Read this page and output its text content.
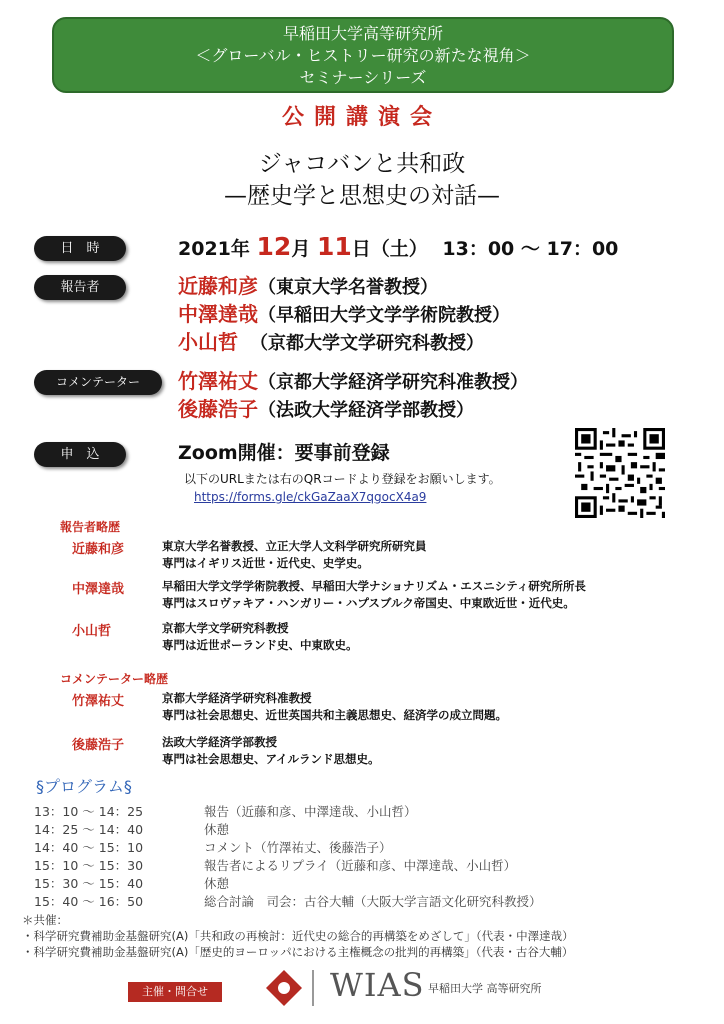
早稲田大学高等研究所
＜グローバル・ヒストリー研究の新たな視角＞
セミナーシリーズ
公開講演会
ジャコバンと共和政
—歴史学と思想史の対話—
日　時	2021年 12月 11日（土） 13：00 ～ 17：00
報告者	近藤和彦（東京大学名誉教授）
中澤達哉（早稲田大学文学学術院教授）
小山哲 （京都大学文学研究科教授）
コメンテーター	竹澤祐丈（京都大学経済学研究科准教授）
後藤浩子（法政大学経済学部教授）
申　込	Zoom開催：要事前登録
以下のURLまたは右のQRコードより登録をお願いします。
https://forms.gle/ckGaZaaX7qgocX4a9
報告者略歴
近藤和彦	東京大学名誉教授、立正大学人文科学研究所研究員
専門はイギリス近世・近代史、史学史。
中澤達哉	早稲田大学文学学術院教授、早稲田大学ナショナリズム・エスニシティ研究所所長
専門はスロヴァキア・ハンガリー・ハプスブルク帝国史、中東欧近世・近代史。
小山哲	京都大学文学研究科教授
専門は近世ポーランド史、中東欧史。
コメンテーター略歴
竹澤祐丈	京都大学経済学研究科准教授
専門は社会思想史、近世英国共和主義思想史、経済学の成立問題。
後藤浩子	法政大学経済学部教授
専門は社会思想史、アイルランド思想史。
§プログラム§
13：10 ～ 14：25	報告（近藤和彦、中澤達哉、小山哲）
14：25 ～ 14：40	休憩
14：40 ～ 15：10	コメント（竹澤祐丈、後藤浩子）
15：10 ～ 15：30	報告者によるリプライ（近藤和彦、中澤達哉、小山哲）
15：30 ～ 15：40	休憩
15：40 ～ 16：50	総合討論　司会：古谷大輔（大阪大学言語文化研究科教授）
＊共催：
・科学研究費補助金基盤研究(A)「共和政の再検討：近代史の総合的再構築をめざして」（代表・中澤達哉）
・科学研究費補助金基盤研究(A)「歴史的ヨーロッパにおける主権概念の批判的再構築」（代表・古谷大輔）
主催・問合せ	WIAS 早稲田大学 高等研究所
